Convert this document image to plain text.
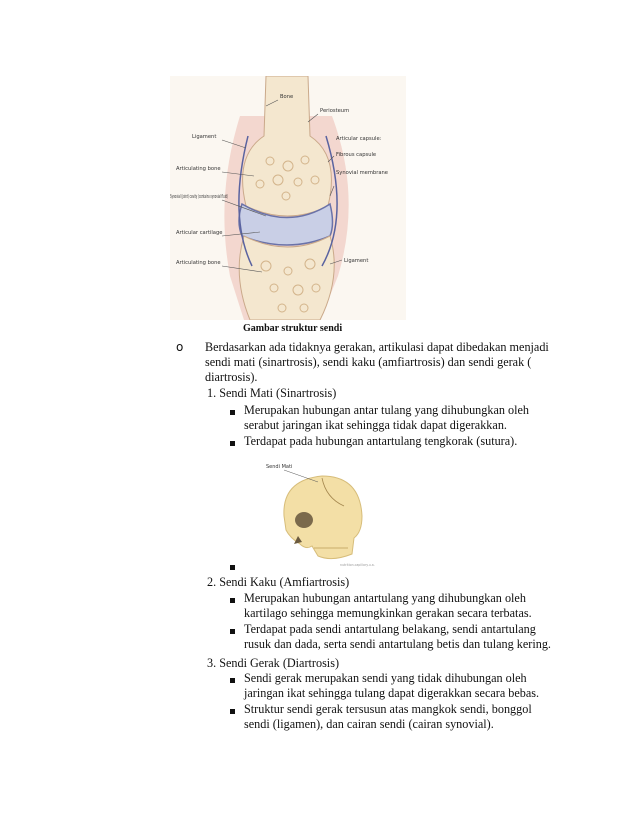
Bone
Periosteum
Ligament	Articular capsule:
Fibrous capsule
Synovial membrane
Articulating bone
Synovial (joint) cavity (contains synovial fluid)
Articular cartilage
Articulating bone	Ligament
Gambar struktur sendi
o Berdasarkan ada tidaknya gerakan, artikulasi dapat dibedakan menjadi
sendi mati (sinartrosis), sendi kaku (amfiartrosis) dan sendi gerak (
diartrosis).
1. Sendi Mati (Sinartrosis)
Merupakan hubungan antar tulang yang dihubungkan oleh
serabut jaringan ikat sehingga tidak dapat digerakkan.
Terdapat pada hubungan antartulang tengkorak (sutura).
Sendi Mati
nutrition.capillary.u.a.
2. Sendi Kaku (Amfiartrosis)
Merupakan hubungan antartulang yang dihubungkan oleh
kartilago sehingga memungkinkan gerakan secara terbatas.
Terdapat pada sendi antartulang belakang, sendi antartulang
rusuk dan dada, serta sendi antartulang betis dan tulang kering.
3. Sendi Gerak (Diartrosis)
Sendi gerak merupakan sendi yang tidak dihubungan oleh
jaringan ikat sehingga tulang dapat digerakkan secara bebas.
Struktur sendi gerak tersusun atas mangkok sendi, bonggol
sendi (ligamen), dan cairan sendi (cairan synovial).
